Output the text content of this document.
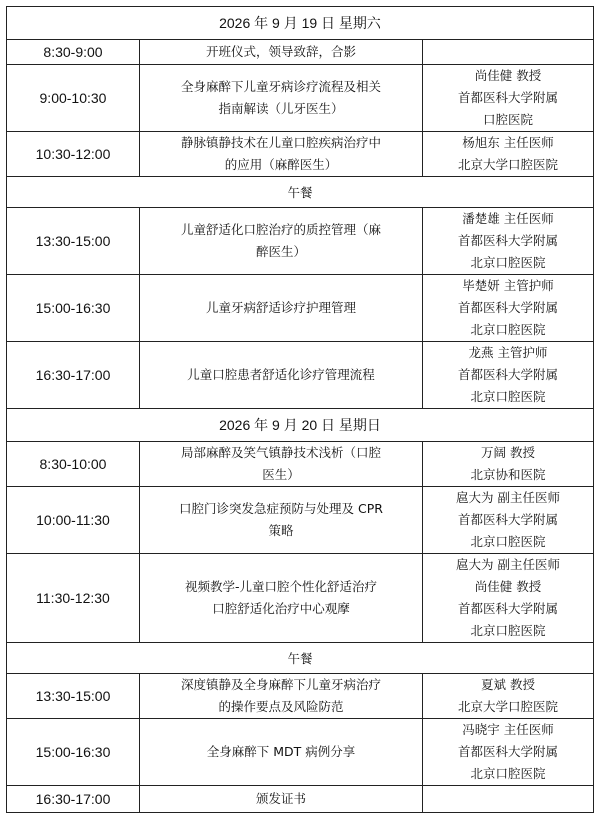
2026 年 9 月 19 日 星期六		
8:30-9:00	开班仪式，领导致辞，合影	

9:00-10:30	全身麻醉下儿童牙病诊疗流程及相关
指南解读（儿牙医生）	尚佳健 教授
首都医科大学附属
口腔医院

10:30-12:00	静脉镇静技术在儿童口腔疾病治疗中
的应用（麻醉医生）	杨旭东 主任医师
北京大学口腔医院

午餐		
13:30-15:00	儿童舒适化口腔治疗的质控管理（麻
醉医生）	潘楚雄 主任医师
首都医科大学附属
北京口腔医院

15:00-16:30	儿童牙病舒适诊疗护理管理	毕楚妍 主管护师
首都医科大学附属
北京口腔医院

16:30-17:00	儿童口腔患者舒适化诊疗管理流程	龙燕 主管护师
首都医科大学附属
北京口腔医院

2026 年 9 月 20 日 星期日		
8:30-10:00	局部麻醉及笑气镇静技术浅析（口腔
医生）	万阔 教授
北京协和医院

10:00-11:30	口腔门诊突发急症预防与处理及 CPR
策略	扈大为 副主任医师
首都医科大学附属
北京口腔医院

11:30-12:30	视频教学-儿童口腔个性化舒适治疗
口腔舒适化治疗中心观摩	扈大为 副主任医师
尚佳健 教授
首都医科大学附属
北京口腔医院

午餐		
13:30-15:00	深度镇静及全身麻醉下儿童牙病治疗
的操作要点及风险防范	夏斌 教授
北京大学口腔医院

15:00-16:30	全身麻醉下 MDT 病例分享	冯晓宇 主任医师
首都医科大学附属
北京口腔医院

16:30-17:00	颁发证书	
